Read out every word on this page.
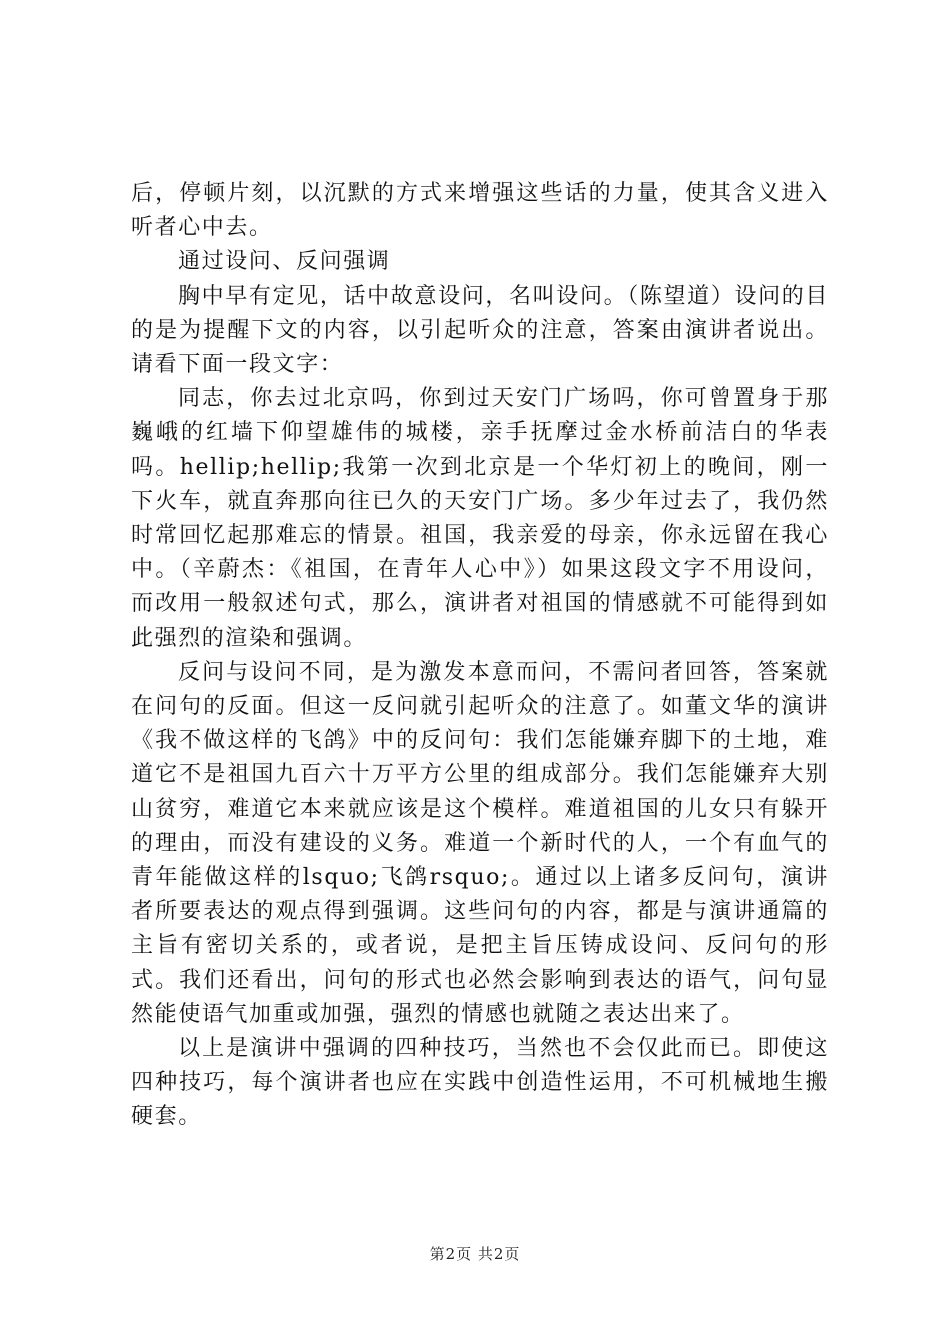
后，停顿片刻，以沉默的方式来增强这些话的力量，使其含义进入听者心中去。

通过设问、反问强调

胸中早有定见，话中故意设问，名叫设问。（陈望道）设问的目的是为提醒下文的内容，以引起听众的注意，答案由演讲者说出。请看下面一段文字：

同志，你去过北京吗，你到过天安门广场吗，你可曾置身于那巍峨的红墙下仰望雄伟的城楼，亲手抚摩过金水桥前洁白的华表吗。hellip;hellip;我第一次到北京是一个华灯初上的晚间，刚一下火车，就直奔那向往已久的天安门广场。多少年过去了，我仍然时常回忆起那难忘的情景。祖国，我亲爱的母亲，你永远留在我心中。（辛蔚杰：《祖国，在青年人心中》）如果这段文字不用设问，而改用一般叙述句式，那么，演讲者对祖国的情感就不可能得到如此强烈的渲染和强调。

反问与设问不同，是为激发本意而问，不需问者回答，答案就在问句的反面。但这一反问就引起听众的注意了。如董文华的演讲《我不做这样的飞鸽》中的反问句：我们怎能嫌弃脚下的土地，难道它不是祖国九百六十万平方公里的组成部分。我们怎能嫌弃大别山贫穷，难道它本来就应该是这个模样。难道祖国的儿女只有躲开的理由，而没有建设的义务。难道一个新时代的人，一个有血气的青年能做这样的lsquo;飞鸽rsquo;。通过以上诸多反问句，演讲者所要表达的观点得到强调。这些问句的内容，都是与演讲通篇的主旨有密切关系的，或者说，是把主旨压铸成设问、反问句的形式。我们还看出，问句的形式也必然会影响到表达的语气，问句显然能使语气加重或加强，强烈的情感也就随之表达出来了。

以上是演讲中强调的四种技巧，当然也不会仅此而已。即使这四种技巧，每个演讲者也应在实践中创造性运用，不可机械地生搬硬套。

第2页 共2页
